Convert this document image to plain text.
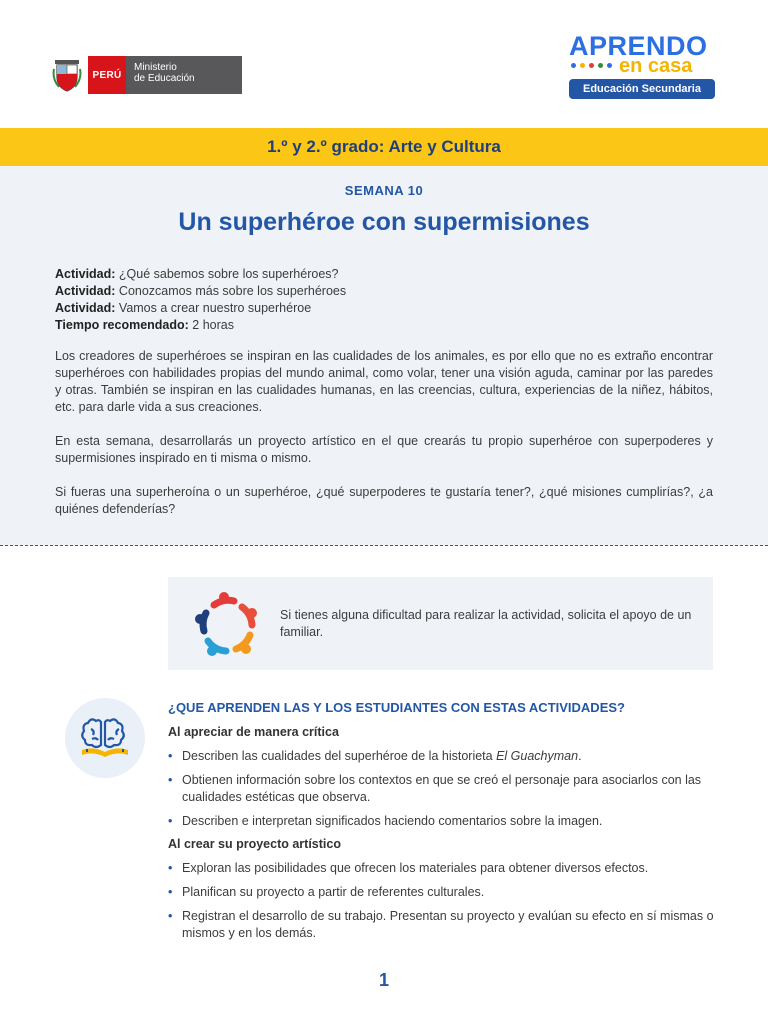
PERÚ
Ministerio
de Educación
APRENDO
en casa
Educación Secundaria
1.º y 2.º grado: Arte y Cultura
SEMANA 10
Un superhéroe con supermisiones
Actividad: ¿Qué sabemos sobre los superhéroes?
Actividad: Conozcamos más sobre los superhéroes
Actividad: Vamos a crear nuestro superhéroe
Tiempo recomendado: 2 horas
Los creadores de superhéroes se inspiran en las cualidades de los animales, es por ello que no es extraño encontrar superhéroes con habilidades propias del mundo animal, como volar, tener una visión aguda, caminar por las paredes y otras. También se inspiran en las cualidades humanas, en las creencias, cultura, experiencias de la niñez, hábitos, etc. para darle vida a sus creaciones.
En esta semana, desarrollarás un proyecto artístico en el que crearás tu propio superhéroe con superpoderes y supermisiones inspirado en ti misma o mismo.
Si fueras una superheroína o un superhéroe, ¿qué superpoderes te gustaría tener?, ¿qué misiones cumplirías?, ¿a quiénes defenderías?
Si tienes alguna dificultad para realizar la actividad, solicita el apoyo de un familiar.
¿QUE APRENDEN LAS Y LOS ESTUDIANTES CON ESTAS ACTIVIDADES?
Al apreciar de manera crítica
• Describen las cualidades del superhéroe de la historieta El Guachyman.
• Obtienen información sobre los contextos en que se creó el personaje para asociarlos con las cualidades estéticas que observa.
• Describen e interpretan significados haciendo comentarios sobre la imagen.
Al crear su proyecto artístico
• Exploran las posibilidades que ofrecen los materiales para obtener diversos efectos.
• Planifican su proyecto a partir de referentes culturales.
• Registran el desarrollo de su trabajo. Presentan su proyecto y evalúan su efecto en sí mismas o mismos y en los demás.
1
